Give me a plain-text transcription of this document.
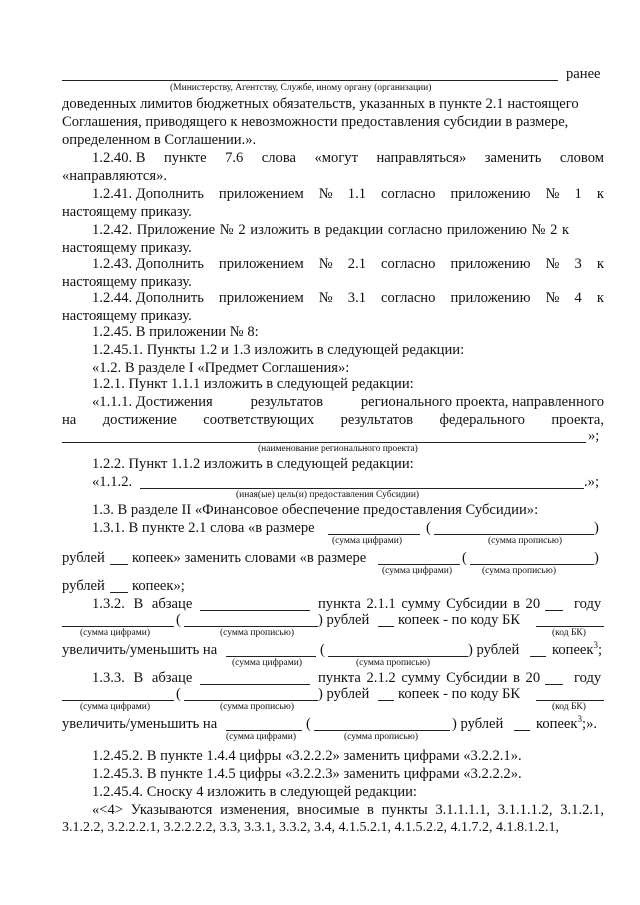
ранее
(Министерству, Агентству, Службе, иному органу (организации)
доведенных лимитов бюджетных обязательств, указанных в пункте 2.1 настоящего
Соглашения, приводящего к невозможности предоставления субсидии в размере,
определенном в Соглашении.».
1.2.40. В пункте 7.6 слова «могут направляться» заменить словом
«направляются».
1.2.41. Дополнить приложением № 1.1 согласно приложению № 1 к
настоящему приказу.
1.2.42. Приложение № 2 изложить в редакции согласно приложению № 2 к
настоящему приказу.
1.2.43. Дополнить приложением № 2.1 согласно приложению № 3 к
настоящему приказу.
1.2.44. Дополнить приложением № 3.1 согласно приложению № 4 к
настоящему приказу.
1.2.45. В приложении № 8:
1.2.45.1. Пункты 1.2 и 1.3 изложить в следующей редакции:
«1.2. В разделе I «Предмет Соглашения»:
1.2.1. Пункт 1.1.1 изложить в следующей редакции:
«1.1.1. Достижения	результатов	регионального проекта, направленного
на достижение соответствующих результатов федерального проекта,
»;
(наименование регионального проекта)
1.2.2. Пункт 1.1.2 изложить в следующей редакции:
«1.1.2.	.»;
(иная(ые) цель(и) предоставления Субсидии)
1.3. В разделе II «Финансовое обеспечение предоставления Субсидии»:
1.3.1. В пункте 2.1 слова «в размере	(	)
(сумма цифрами)	(сумма прописью)
рублей копеек» заменить словами «в размере	(	)
(сумма цифрами)	(сумма прописью)
рублей копеек»;
1.3.2. В абзаце	пункта 2.1.1 сумму Субсидии в 20 году
(	) рублей копеек - по коду БК
(сумма цифрами)	(сумма прописью)	(код БК)
увеличить/уменьшить на	(	) рублей копеек$^3$;
(сумма цифрами)	(сумма прописью)
1.3.3. В абзаце	пункта 2.1.2 сумму Субсидии в 20 году
(	) рублей копеек - по коду БК
(сумма цифрами)	(сумма прописью)	(код БК)
увеличить/уменьшить на	(	) рублей копеек$^3$;».
(сумма цифрами)	(сумма прописью)
1.2.45.2. В пункте 1.4.4 цифры «3.2.2.2» заменить цифрами «3.2.2.1».
1.2.45.3. В пункте 1.4.5 цифры «3.2.2.3» заменить цифрами «3.2.2.2».
1.2.45.4. Сноску 4 изложить в следующей редакции:
«<4> Указываются изменения, вносимые в пункты 3.1.1.1.1, 3.1.1.1.2, 3.1.2.1,
3.1.2.2, 3.2.2.2.1, 3.2.2.2.2, 3.3, 3.3.1, 3.3.2, 3.4, 4.1.5.2.1, 4.1.5.2.2, 4.1.7.2, 4.1.8.1.2.1,
